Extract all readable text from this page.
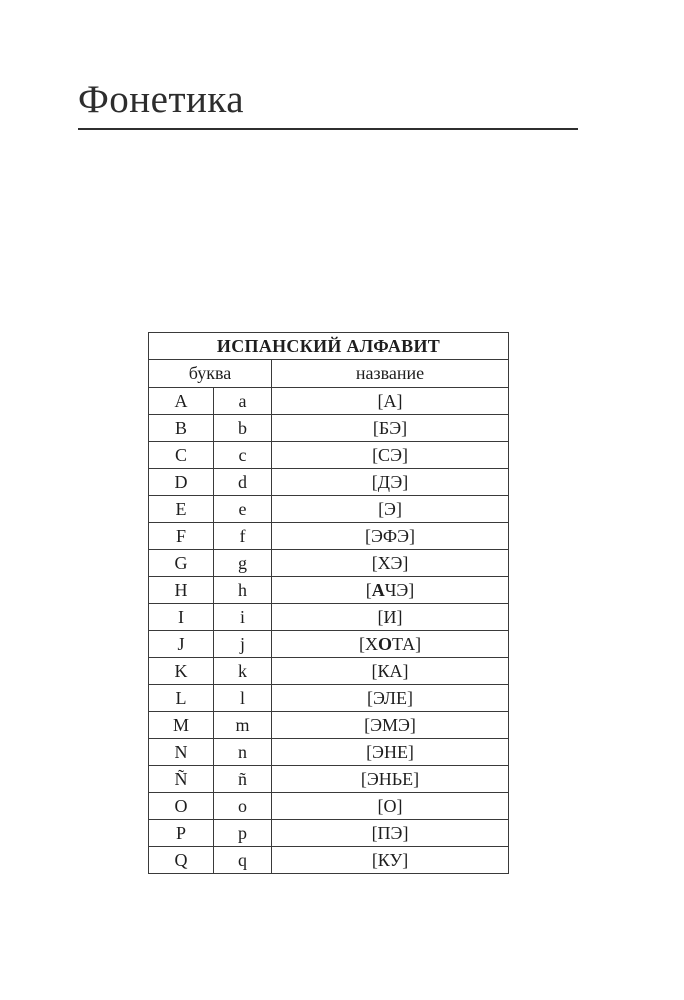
Фонетика
ИСПАНСКИЙ АЛФАВИТ		
буква		название
A	a	[А]
B	b	[БЭ]
C	c	[СЭ]
D	d	[ДЭ]
E	e	[Э]
F	f	[ЭФЭ]
G	g	[ХЭ]
H	h	[АЧЭ]
I	i	[И]
J	j	[ХОТА]
K	k	[КА]
L	l	[ЭЛЕ]
M	m	[ЭМЭ]
N	n	[ЭНЕ]
Ñ	ñ	[ЭНЬЕ]
O	o	[О]
P	p	[ПЭ]
Q	q	[КУ]
